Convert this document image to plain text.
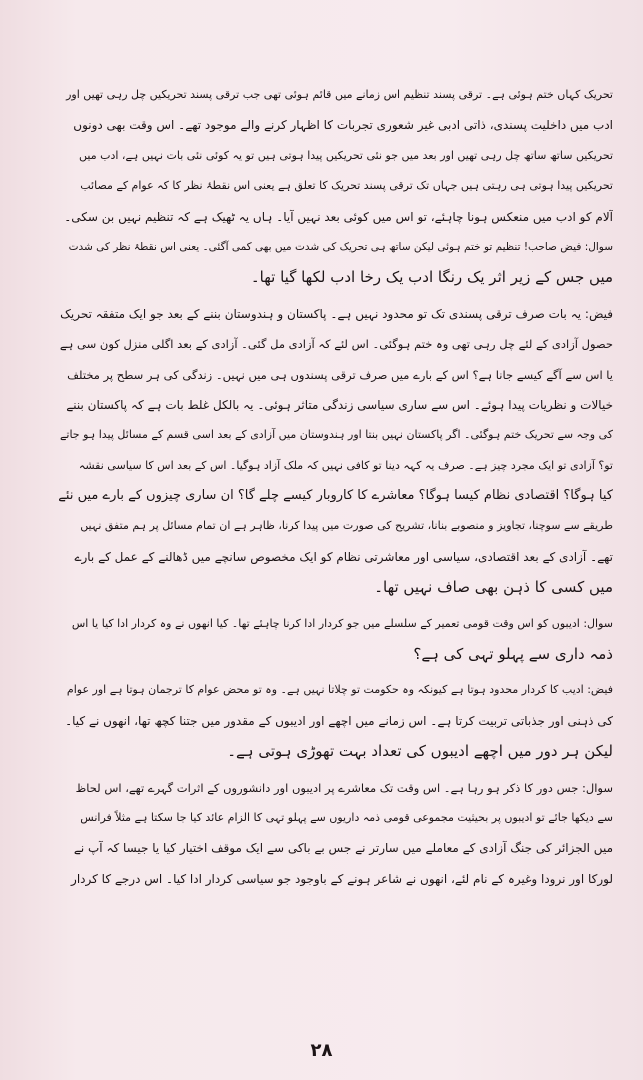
تحریک کہاں ختم ہوئی ہے۔ ترقی پسند تنظیم اس زمانے میں قائم ہوئی تھی جب ترقی پسند تحریکیں چل رہی تھیں اور
ادب میں داخلیت پسندی، ذاتی ادبی غیر شعوری تجربات کا اظہار کرنے والے موجود تھے۔ اس وقت بھی دونوں
تحریکیں ساتھ ساتھ چل رہی تھیں اور بعد میں جو نئی تحریکیں پیدا ہوتی ہیں تو یہ کوئی نئی بات نہیں ہے، ادب میں
تحریکیں پیدا ہوتی ہی رہتی ہیں جہاں تک ترقی پسند تحریک کا تعلق ہے یعنی اس نقطۂ نظر کا کہ عوام کے مصائب
آلام کو ادب میں منعکس ہونا چاہئے، تو اس میں کوئی بعد نہیں آیا۔ ہاں یہ ٹھیک ہے کہ تنظیم نہیں بن سکی۔
سوال: فیض صاحب! تنظیم تو ختم ہوئی لیکن ساتھ ہی تحریک کی شدت میں بھی کمی آگئی۔ یعنی اس نقطۂ نظر کی شدت
میں جس کے زیر اثر یک رنگا ادب یک رخا ادب لکھا گیا تھا۔
فیض: یہ بات صرف ترقی پسندی تک تو محدود نہیں ہے۔ پاکستان و ہندوستان بننے کے بعد جو ایک متفقہ تحریک
حصول آزادی کے لئے چل رہی تھی وہ ختم ہوگئی۔ اس لئے کہ آزادی مل گئی۔ آزادی کے بعد اگلی منزل کون سی ہے
یا اس سے آگے کیسے جانا ہے؟ اس کے بارے میں صرف ترقی پسندوں ہی میں نہیں۔ زندگی کی ہر سطح پر مختلف
خیالات و نظریات پیدا ہوئے۔ اس سے ساری سیاسی زندگی متاثر ہوئی۔ یہ بالکل غلط بات ہے کہ پاکستان بننے
کی وجہ سے تحریک ختم ہوگئی۔ اگر پاکستان نہیں بنتا اور ہندوستان میں آزادی کے بعد اسی قسم کے مسائل پیدا ہو جاتے
تو؟ آزادی تو ایک مجرد چیز ہے۔ صرف یہ کہہ دینا تو کافی نہیں کہ ملک آزاد ہوگیا۔ اس کے بعد اس کا سیاسی نقشہ
کیا ہوگا؟ اقتصادی نظام کیسا ہوگا؟ معاشرے کا کاروبار کیسے چلے گا؟ ان ساری چیزوں کے بارے میں نئے
طریقے سے سوچنا، تجاویز و منصوبے بنانا، تشریح کی صورت میں پیدا کرنا، ظاہر ہے ان تمام مسائل پر ہم متفق نہیں
تھے۔ آزادی کے بعد اقتصادی، سیاسی اور معاشرتی نظام کو ایک مخصوص سانچے میں ڈھالنے کے عمل کے بارے
میں کسی کا ذہن بھی صاف نہیں تھا۔
سوال: ادیبوں کو اس وقت قومی تعمیر کے سلسلے میں جو کردار ادا کرنا چاہئے تھا۔ کیا انھوں نے وہ کردار ادا کیا یا اس
ذمہ داری سے پہلو تہی کی ہے؟
فیض: ادیب کا کردار محدود ہوتا ہے کیونکہ وہ حکومت تو چلاتا نہیں ہے۔ وہ تو محض عوام کا ترجمان ہوتا ہے اور عوام
کی ذہنی اور جذباتی تربیت کرتا ہے۔ اس زمانے میں اچھے اور ادیبوں کے مقدور میں جتنا کچھ تھا، انھوں نے کیا۔
لیکن ہر دور میں اچھے ادیبوں کی تعداد بہت تھوڑی ہوتی ہے۔
سوال: جس دور کا ذکر ہو رہا ہے۔ اس وقت تک معاشرے پر ادیبوں اور دانشوروں کے اثرات گہرے تھے، اس لحاظ
سے دیکھا جائے تو ادیبوں پر بحیثیت مجموعی قومی ذمہ داریوں سے پہلو تہی کا الزام عائد کیا جا سکتا ہے مثلاً فرانس
میں الجزائر کی جنگ آزادی کے معاملے میں سارتر نے جس بے باکی سے ایک موقف اختیار کیا یا جیسا کہ آپ نے
لورکا اور نرودا وغیرہ کے نام لئے، انھوں نے شاعر ہونے کے باوجود جو سیاسی کردار ادا کیا۔ اس درجے کا کردار
۲۸
